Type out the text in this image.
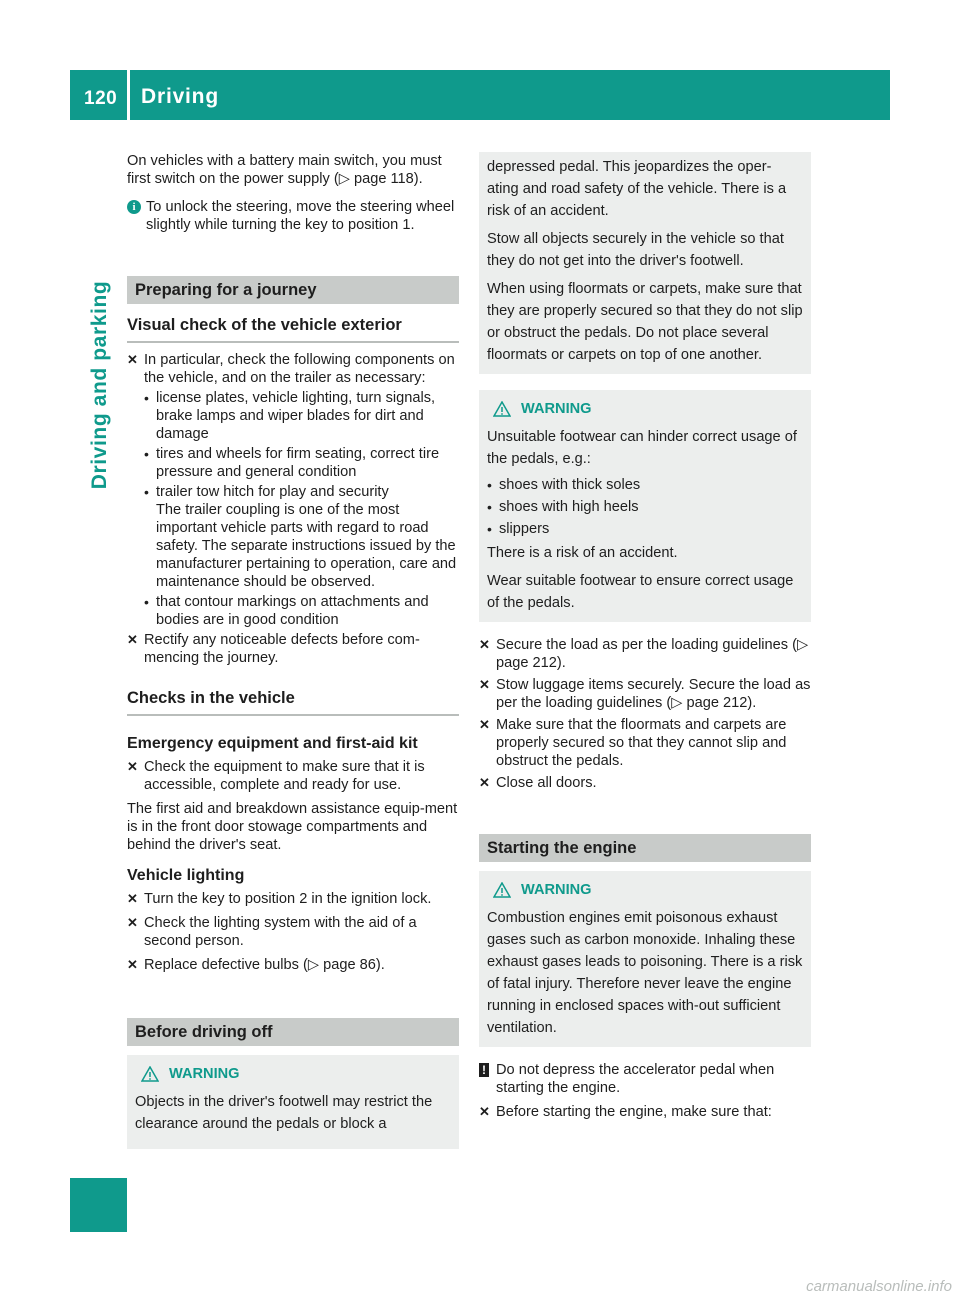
120 Driving
Driving and parking

On vehicles with a battery main switch, you must first switch on the power supply (▷ page 118).

i To unlock the steering, move the steering wheel slightly while turning the key to position 1.
Preparing for a journey
Visual check of the vehicle exterior
✕ In particular, check the following components on the vehicle, and on the trailer as necessary:
• license plates, vehicle lighting, turn signals, brake lamps and wiper blades for dirt and damage
• tires and wheels for firm seating, correct tire pressure and general condition
• trailer tow hitch for play and security
The trailer coupling is one of the most important vehicle parts with regard to road safety. The separate instructions issued by the manufacturer pertaining to operation, care and maintenance should be observed.
• that contour markings on attachments and bodies are in good condition
✕ Rectify any noticeable defects before com-mencing the journey.
Checks in the vehicle
Emergency equipment and first-aid kit
✕ Check the equipment to make sure that it is accessible, complete and ready for use.

The first aid and breakdown assistance equip-ment is in the front door stowage compartments and behind the driver's seat.

Vehicle lighting
✕ Turn the key to position 2 in the ignition lock.
✕ Check the lighting system with the aid of a second person.
✕ Replace defective bulbs (▷ page 86).
Before driving off
WARNING

Objects in the driver's footwell may restrict the clearance around the pedals or block a

depressed pedal. This jeopardizes the oper-ating and road safety of the vehicle. There is a risk of an accident.

Stow all objects securely in the vehicle so that they do not get into the driver's footwell.

When using floormats or carpets, make sure that they are properly secured so that they do not slip or obstruct the pedals. Do not place several floormats or carpets on top of one another.

WARNING

Unsuitable footwear can hinder correct usage of the pedals, e.g.:

• shoes with thick soles
• shoes with high heels
• slippers

There is a risk of an accident.

Wear suitable footwear to ensure correct usage of the pedals.

✕ Secure the load as per the loading guidelines (▷ page 212).
✕ Stow luggage items securely. Secure the load as per the loading guidelines (▷ page 212).
✕ Make sure that the floormats and carpets are properly secured so that they cannot slip and obstruct the pedals.
✕ Close all doors.
Starting the engine
WARNING

Combustion engines emit poisonous exhaust gases such as carbon monoxide. Inhaling these exhaust gases leads to poisoning. There is a risk of fatal injury. Therefore never leave the engine running in enclosed spaces with-out sufficient ventilation.

! Do not depress the accelerator pedal when starting the engine.
✕ Before starting the engine, make sure that:
carmanualsonline.info
